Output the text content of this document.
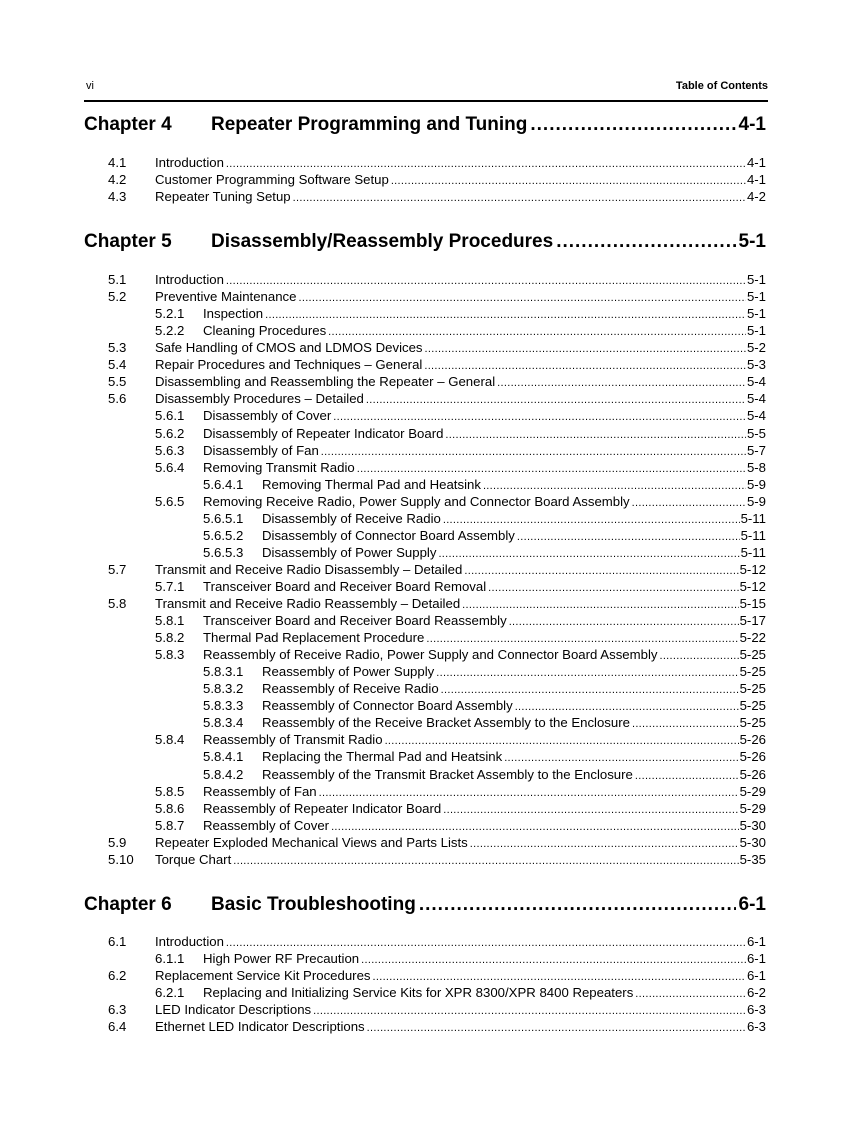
vi	Table of Contents
Chapter 4	Repeater Programming and Tuning .....	4-1
4.1	Introduction .....	4-1
4.2	Customer Programming Software Setup .....	4-1
4.3	Repeater Tuning Setup .....	4-2
Chapter 5	Disassembly/Reassembly Procedures .....	5-1
5.1	Introduction .....	5-1
5.2	Preventive Maintenance .....	5-1
5.2.1	Inspection .....	5-1
5.2.2	Cleaning Procedures .....	5-1
5.3	Safe Handling of CMOS and LDMOS Devices .....	5-2
5.4	Repair Procedures and Techniques – General .....	5-3
5.5	Disassembling and Reassembling the Repeater – General .....	5-4
5.6	Disassembly Procedures – Detailed .....	5-4
5.6.1	Disassembly of Cover .....	5-4
5.6.2	Disassembly of Repeater Indicator Board .....	5-5
5.6.3	Disassembly of Fan .....	5-7
5.6.4	Removing Transmit Radio .....	5-8
5.6.4.1	Removing Thermal Pad and Heatsink .....	5-9
5.6.5	Removing Receive Radio, Power Supply and Connector Board Assembly .....	5-9
5.6.5.1	Disassembly of Receive Radio .....	5-11
5.6.5.2	Disassembly of Connector Board Assembly .....	5-11
5.6.5.3	Disassembly of Power Supply .....	5-11
5.7	Transmit and Receive Radio Disassembly – Detailed .....	5-12
5.7.1	Transceiver Board and Receiver Board Removal .....	5-12
5.8	Transmit and Receive Radio Reassembly – Detailed .....	5-15
5.8.1	Transceiver Board and Receiver Board Reassembly .....	5-17
5.8.2	Thermal Pad Replacement Procedure .....	5-22
5.8.3	Reassembly of Receive Radio, Power Supply and Connector Board Assembly .....	5-25
5.8.3.1	Reassembly of Power Supply .....	5-25
5.8.3.2	Reassembly of Receive Radio .....	5-25
5.8.3.3	Reassembly of Connector Board Assembly .....	5-25
5.8.3.4	Reassembly of the Receive Bracket Assembly to the Enclosure .....	5-25
5.8.4	Reassembly of Transmit Radio .....	5-26
5.8.4.1	Replacing the Thermal Pad and Heatsink .....	5-26
5.8.4.2	Reassembly of the Transmit Bracket Assembly to the Enclosure .....	5-26
5.8.5	Reassembly of Fan .....	5-29
5.8.6	Reassembly of Repeater Indicator Board .....	5-29
5.8.7	Reassembly of Cover .....	5-30
5.9	Repeater Exploded Mechanical Views and Parts Lists .....	5-30
5.10	Torque Chart .....	5-35
Chapter 6	Basic Troubleshooting .....	6-1
6.1	Introduction .....	6-1
6.1.1	High Power RF Precaution .....	6-1
6.2	Replacement Service Kit Procedures .....	6-1
6.2.1	Replacing and Initializing Service Kits for XPR 8300/XPR 8400 Repeaters .....	6-2
6.3	LED Indicator Descriptions .....	6-3
6.4	Ethernet LED Indicator Descriptions .....	6-3
